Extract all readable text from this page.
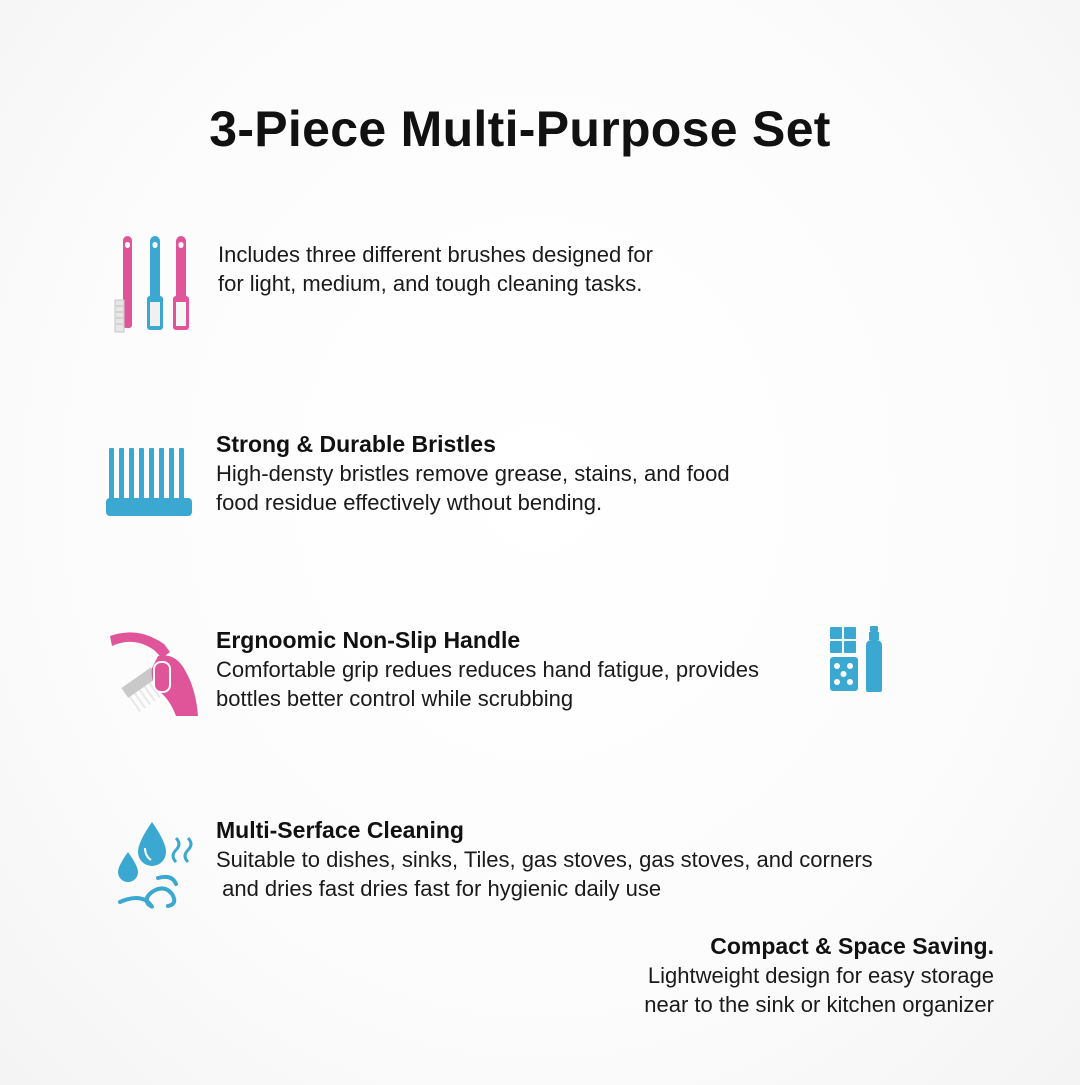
3-Piece Multi-Purpose Set
Includes three different brushes designed for
for light, medium, and tough cleaning tasks.
Strong & Durable Bristles
High-densty bristles remove grease, stains, and food
food residue effectively wthout bending.
Ergnoomic Non-Slip Handle
Comfortable grip redues reduces hand fatigue, provides
bottles better control while scrubbing
Multi-Serface Cleaning
Suitable to dishes, sinks, Tiles, gas stoves, gas stoves, and corners
and dries fast dries fast for hygienic daily use
Compact & Space Saving.
Lightweight design for easy storage
near to the sink or kitchen organizer
